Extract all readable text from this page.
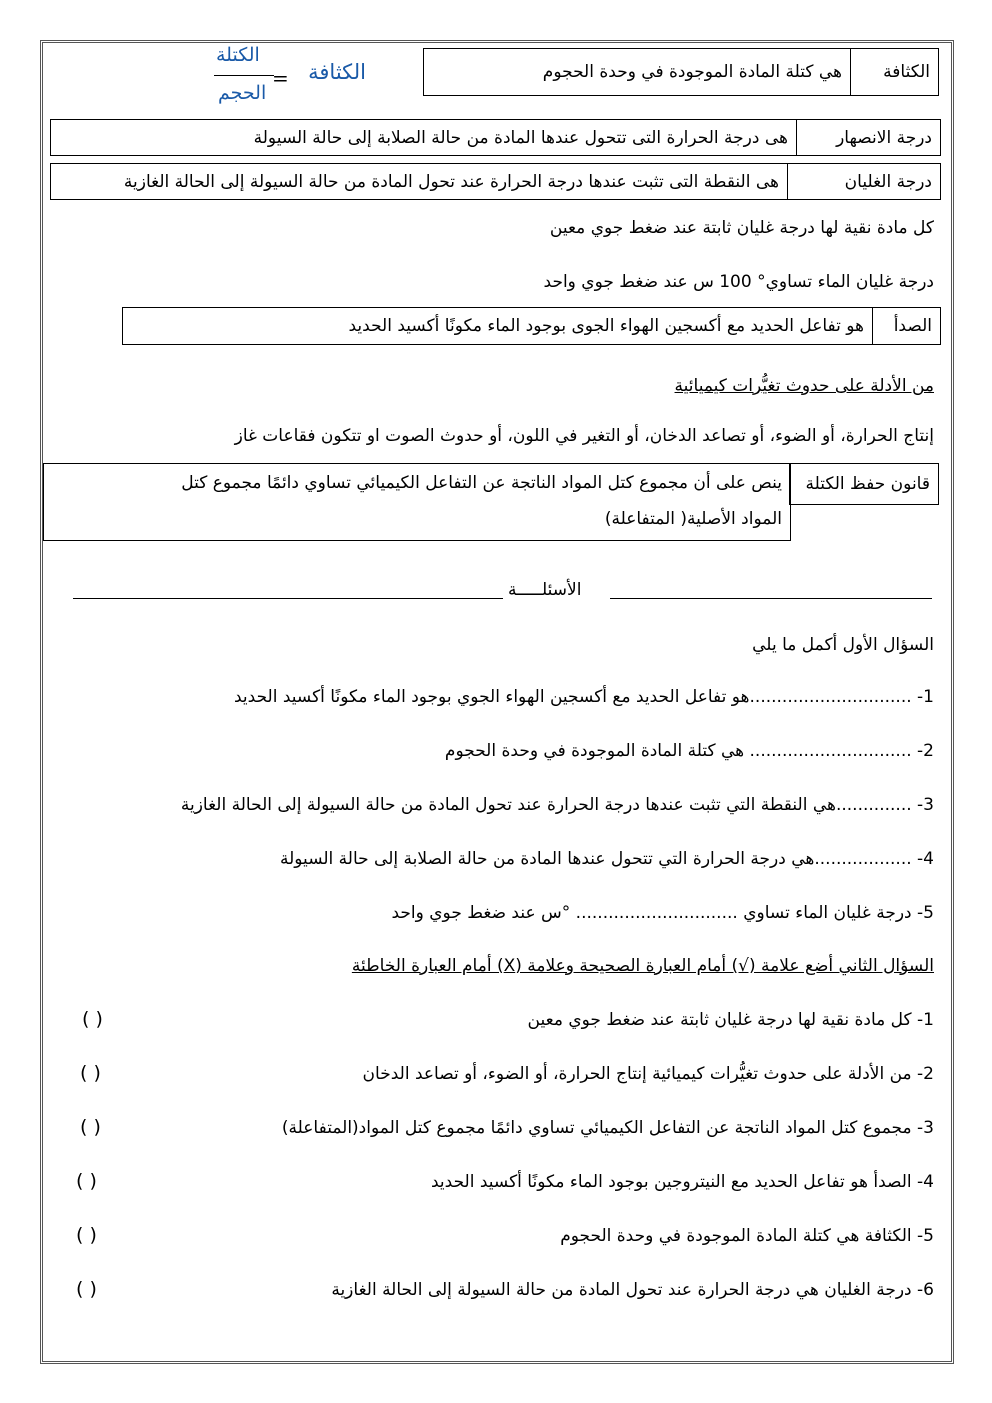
الكثافة
=
الكتلة
الحجم
الكثافة
هي كتلة المادة الموجودة في وحدة الحجوم
درجة الانصهار
هى درجة الحرارة التى تتحول عندها المادة من حالة الصلابة إلى حالة السيولة
درجة الغليان
هى النقطة التى تثبت عندها درجة الحرارة عند تحول المادة من حالة السيولة إلى الحالة الغازية
كل مادة نقية لها درجة غليان ثابتة عند ضغط جوي معين
درجة غليان الماء تساوي° 100 س عند ضغط جوي واحد
الصدأ
هو تفاعل الحديد مع أكسجين الهواء الجوى بوجود الماء مكونًا أكسيد الحديد
من الأدلة على حدوث تغيُّرات كيميائية
إنتاج الحرارة، أو الضوء، أو تصاعد الدخان، أو التغير في اللون، أو حدوث الصوت او تتكون فقاعات غاز
ينص على أن مجموع كتل المواد الناتجة عن التفاعل الكيميائي تساوي دائمًا مجموع كتل
المواد الأصلية( المتفاعلة)
قانون حفظ الكتلة
الأسئلـــــة
السؤال الأول أكمل ما يلي
1- ..............................هو تفاعل الحديد مع أكسجين الهواء الجوي بوجود الماء مكونًا أكسيد الحديد
2- .............................. هي كتلة المادة الموجودة في وحدة الحجوم
3- ..............هي النقطة التي تثبت عندها درجة الحرارة عند تحول المادة من حالة السيولة إلى الحالة الغازية
4- ..................هي درجة الحرارة التي تتحول عندها المادة من حالة الصلابة إلى حالة السيولة
5- درجة غليان الماء تساوي .............................. °س عند ضغط جوي واحد
السؤال الثاني أضع علامة (√) أمام العبارة الصحيحة وعلامة (X) أمام العبارة الخاطئة
1- كل مادة نقية لها درجة غليان ثابتة عند ضغط جوي معين
( )
2- من الأدلة على حدوث تغيُّرات كيميائية إنتاج الحرارة، أو الضوء، أو تصاعد الدخان
( )
3- مجموع كتل المواد الناتجة عن التفاعل الكيميائي تساوي دائمًا مجموع كتل المواد(المتفاعلة)
( )
4- الصدأ هو تفاعل الحديد مع النيتروجين بوجود الماء مكونًا أكسيد الحديد
( )
5- الكثافة هي كتلة المادة الموجودة في وحدة الحجوم
( )
6- درجة الغليان هي درجة الحرارة عند تحول المادة من حالة السيولة إلى الحالة الغازية
( )
